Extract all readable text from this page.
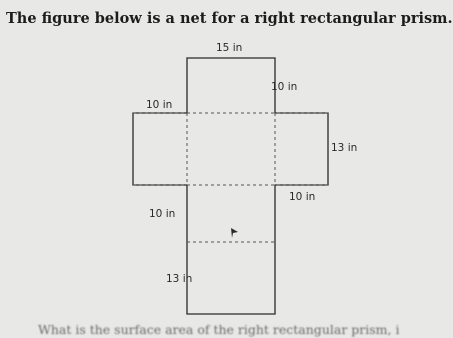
The figure below is a net for a right rectangular prism.
15 in
10 in
10 in
13 in
10 in
10 in
13 in
What is the surface area of the right rectangular prism, i
